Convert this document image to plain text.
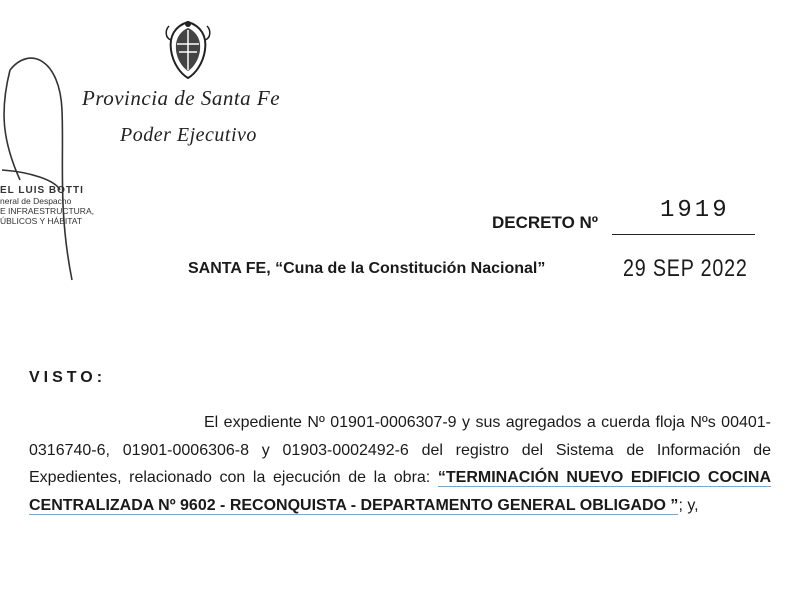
Provincia de Santa Fe
Poder Ejecutivo
EL LUIS BOTTI
neral de Despacho
E INFRAESTRUCTURA,
ÚBLICOS Y HÁBITAT	DECRETO Nº	1919
SANTA FE, “Cuna de la Constitución Nacional”	29 SEP 2022
VISTO:
El expediente Nº 01901-0006307-9 y sus agregados a cuerda floja Nºs 00401-0316740-6, 01901-0006306-8 y 01903-0002492-6 del registro del Sistema de Información de Expedientes, relacionado con la ejecución de la obra: “TERMINACIÓN NUEVO EDIFICIO COCINA CENTRALIZADA Nº 9602 - RECONQUISTA - DEPARTAMENTO GENERAL OBLIGADO ”; y,
